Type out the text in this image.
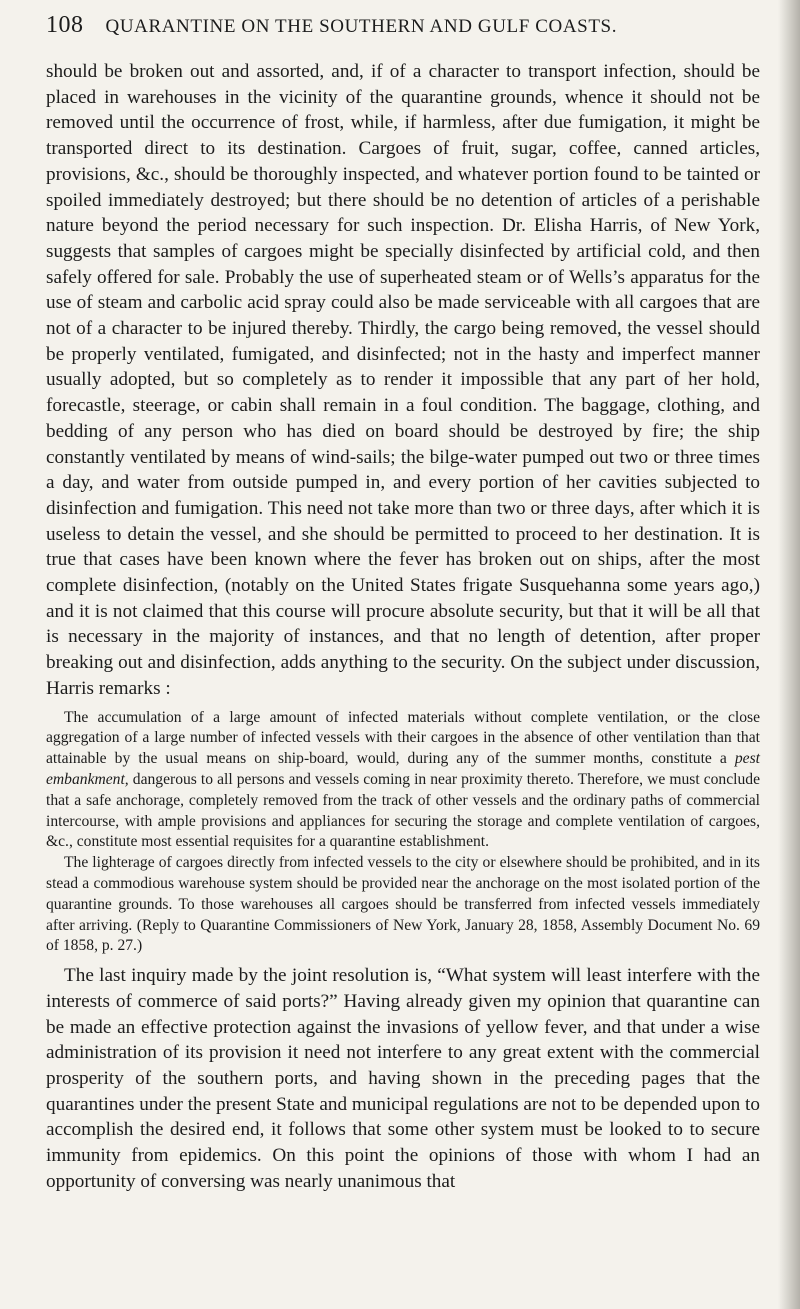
108 QUARANTINE ON THE SOUTHERN AND GULF COASTS.

should be broken out and assorted, and, if of a character to transport infection, should be placed in warehouses in the vicinity of the quarantine grounds, whence it should not be removed until the occurrence of frost, while, if harmless, after due fumigation, it might be transported direct to its destination. Cargoes of fruit, sugar, coffee, canned articles, provisions, &c., should be thoroughly inspected, and whatever portion found to be tainted or spoiled immediately destroyed; but there should be no detention of articles of a perishable nature beyond the period necessary for such inspection. Dr. Elisha Harris, of New York, suggests that samples of cargoes might be specially disinfected by artificial cold, and then safely offered for sale. Probably the use of superheated steam or of Wells’s apparatus for the use of steam and carbolic acid spray could also be made serviceable with all cargoes that are not of a character to be injured thereby. Thirdly, the cargo being removed, the vessel should be properly ventilated, fumigated, and disinfected; not in the hasty and imperfect manner usually adopted, but so completely as to render it impossible that any part of her hold, forecastle, steerage, or cabin shall remain in a foul condition. The baggage, clothing, and bedding of any person who has died on board should be destroyed by fire; the ship constantly ventilated by means of wind-sails; the bilge-water pumped out two or three times a day, and water from outside pumped in, and every portion of her cavities subjected to disinfection and fumigation. This need not take more than two or three days, after which it is useless to detain the vessel, and she should be permitted to proceed to her destination. It is true that cases have been known where the fever has broken out on ships, after the most complete disinfection, (notably on the United States frigate Susquehanna some years ago,) and it is not claimed that this course will procure absolute security, but that it will be all that is necessary in the majority of instances, and that no length of detention, after proper breaking out and disinfection, adds anything to the security. On the subject under discussion, Harris remarks :

The accumulation of a large amount of infected materials without complete ventilation, or the close aggregation of a large number of infected vessels with their cargoes in the absence of other ventilation than that attainable by the usual means on ship-board, would, during any of the summer months, constitute a pest embankment, dangerous to all persons and vessels coming in near proximity thereto. Therefore, we must conclude that a safe anchorage, completely removed from the track of other vessels and the ordinary paths of commercial intercourse, with ample provisions and appliances for securing the storage and complete ventilation of cargoes, &c., constitute most essential requisites for a quarantine establishment.

The lighterage of cargoes directly from infected vessels to the city or elsewhere should be prohibited, and in its stead a commodious warehouse system should be provided near the anchorage on the most isolated portion of the quarantine grounds. To those warehouses all cargoes should be transferred from infected vessels immediately after arriving. (Reply to Quarantine Commissioners of New York, January 28, 1858, Assembly Document No. 69 of 1858, p. 27.)

The last inquiry made by the joint resolution is, “What system will least interfere with the interests of commerce of said ports?” Having already given my opinion that quarantine can be made an effective protection against the invasions of yellow fever, and that under a wise administration of its provision it need not interfere to any great extent with the commercial prosperity of the southern ports, and having shown in the preceding pages that the quarantines under the present State and municipal regulations are not to be depended upon to accomplish the desired end, it follows that some other system must be looked to to secure immunity from epidemics. On this point the opinions of those with whom I had an opportunity of conversing was nearly unanimous that
